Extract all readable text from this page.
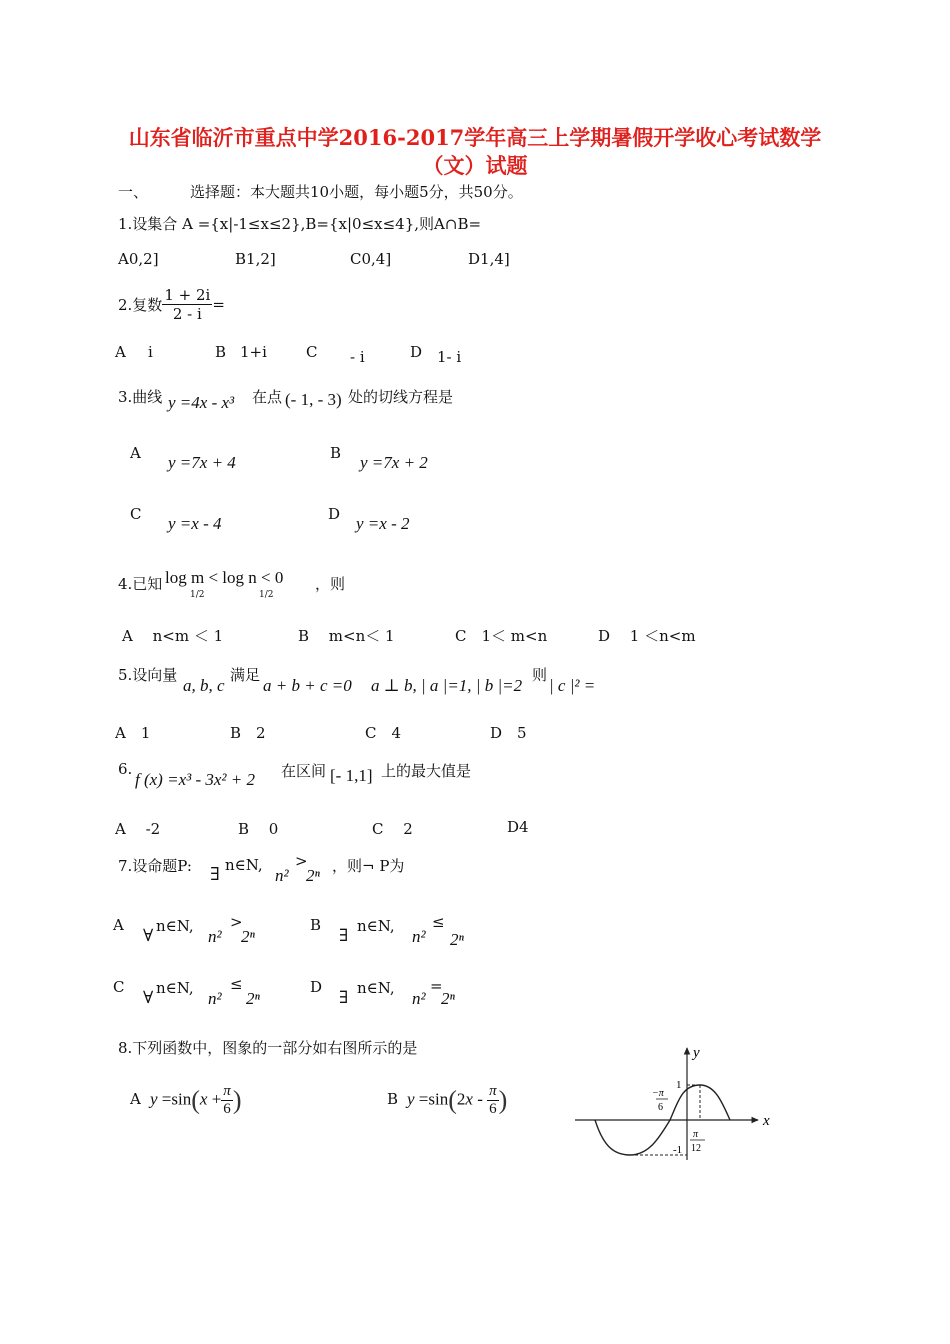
山东省临沂市重点中学2016-2017学年高三上学期暑假开学收心考试数学
（文）试题
一、	选择题：本大题共10小题，每小题5分，共50分。
1.设集合 A ={x|-1≤x≤2},B={x|0≤x≤4},则A∩B=
A0,2]	B1,2]	C0,4]	D1,4]
2.复数 $\frac{1 + 2i}{2 - i}$ =
A i	B 1+i	C - i	D 1- i
3.曲线 y =4x - x³ 在点 (- 1, - 3) 处的切线方程是
A y =7x + 4	B y =7x + 2
C y =x - 4	D y =x - 2
4.已知 log m < log n < 0
1/2	1/2
，则
A　 n<m ＜ 1	B　 m<n＜ 1	C　1＜ m<n	D　 1 ＜n<m
5.设向量
a, b, c
满足
a + b + c =0 a ⊥ b, | a |=1, | b |=2
则
| c |² =
A　1	B　2	C　4	D　5
6.
f (x) =x³ - 3x² + 2 在区间 [- 1,1] 上的最大值是
A　 -2	B　 0	C　 2	D4
7.设命题P: ∃ n∈N,
n²
>
2ⁿ ，则¬ P为
A
∀ n∈N,
n²
>
2ⁿ
B
∃ n∈N,
n²
≤
2ⁿ
C
∀ n∈N,
n²
≤
2ⁿ
D
∃ n∈N,
n²
=
2ⁿ
8.下列函数中，图象的一部分如右图所示的是
A $y =\sin(x + \frac{\pi}{6}$ )	B $y =\sin(2x - \frac{\pi}{6}$ )
y
x
1
-1
−π
6
π
12
